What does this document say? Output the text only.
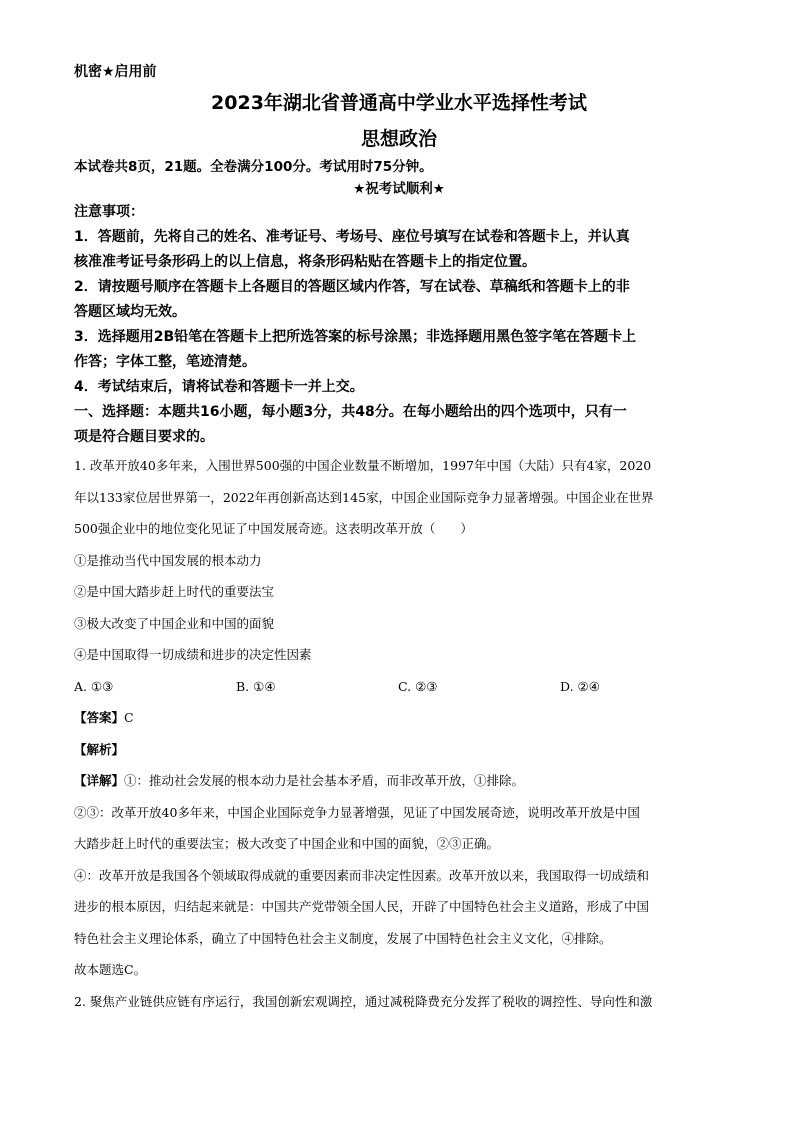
机密★启用前
2023年湖北省普通高中学业水平选择性考试
思想政治
本试卷共8页，21题。全卷满分100分。考试用时75分钟。
★祝考试顺利★

注意事项：

1．答题前，先将自己的姓名、准考证号、考场号、座位号填写在试卷和答题卡上，并认真

核准准考证号条形码上的以上信息，将条形码粘贴在答题卡上的指定位置。

2．请按题号顺序在答题卡上各题目的答题区域内作答，写在试卷、草稿纸和答题卡上的非

答题区域均无效。

3．选择题用2B铅笔在答题卡上把所选答案的标号涂黑；非选择题用黑色签字笔在答题卡上

作答；字体工整，笔迹清楚。

4．考试结束后，请将试卷和答题卡一并上交。

一、选择题：本题共16小题，每小题3分，共48分。在每小题给出的四个选项中，只有一

项是符合题目要求的。

1. 改革开放40多年来，入围世界500强的中国企业数量不断增加，1997年中国（大陆）只有4家，2020

年以133家位居世界第一，2022年再创新高达到145家，中国企业国际竞争力显著增强。中国企业在世界

500强企业中的地位变化见证了中国发展奇迹。这表明改革开放（　　）

①是推动当代中国发展的根本动力

②是中国大踏步赶上时代的重要法宝

③极大改变了中国企业和中国的面貌

④是中国取得一切成绩和进步的决定性因素

A. ①③	B. ①④	C. ②③	D. ②④

【答案】C

【解析】

【详解】①：推动社会发展的根本动力是社会基本矛盾，而非改革开放，①排除。

②③：改革开放40多年来，中国企业国际竞争力显著增强，见证了中国发展奇迹，说明改革开放是中国

大踏步赶上时代的重要法宝；极大改变了中国企业和中国的面貌，②③正确。

④：改革开放是我国各个领域取得成就的重要因素而非决定性因素。改革开放以来，我国取得一切成绩和

进步的根本原因，归结起来就是：中国共产党带领全国人民，开辟了中国特色社会主义道路，形成了中国

特色社会主义理论体系，确立了中国特色社会主义制度，发展了中国特色社会主义文化，④排除。

故本题选C。

2. 聚焦产业链供应链有序运行，我国创新宏观调控，通过减税降费充分发挥了税收的调控性、导向性和激
